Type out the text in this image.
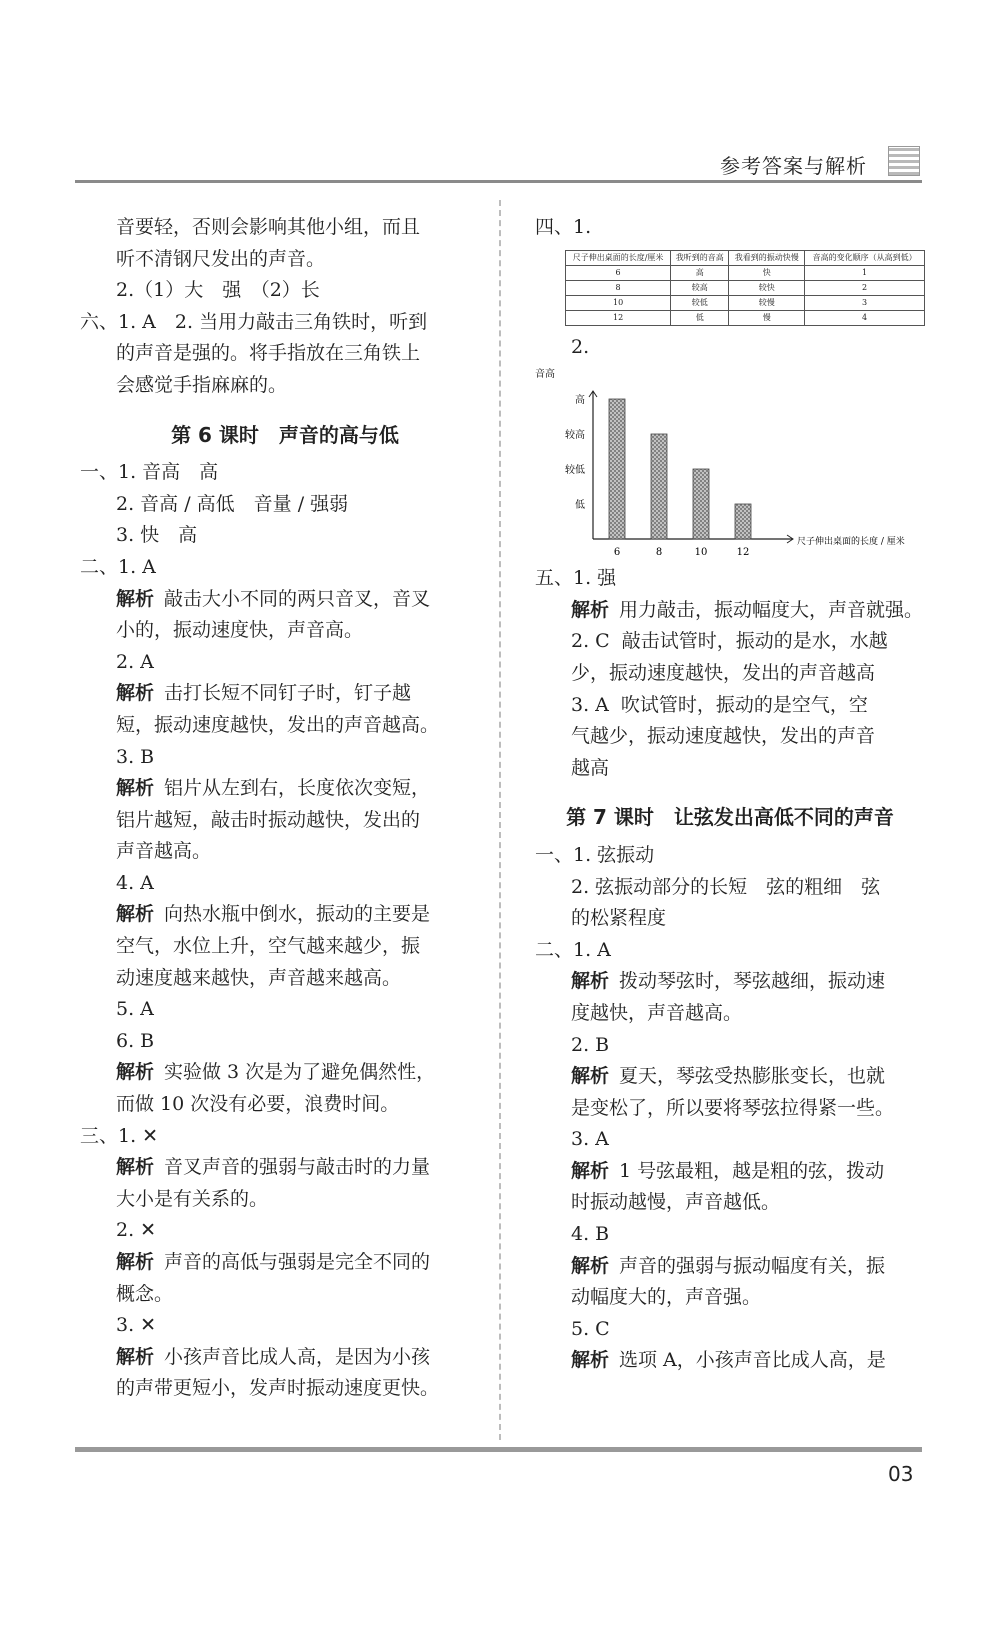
参考答案与解析
音要轻，否则会影响其他小组，而且
听不清钢尺发出的声音。
2.（1）大　强　（2）长
六、1. A　2. 当用力敲击三角铁时，听到
的声音是强的。将手指放在三角铁上
会感觉手指麻麻的。
第 6 课时　声音的高与低
一、1. 音高　高
2. 音高 / 高低　音量 / 强弱
3. 快　高
二、1. A
解析 敲击大小不同的两只音叉，音叉
小的，振动速度快，声音高。
2. A
解析 击打长短不同钉子时，钉子越
短，振动速度越快，发出的声音越高。
3. B
解析 铝片从左到右，长度依次变短，
铝片越短，敲击时振动越快，发出的
声音越高。
4. A
解析 向热水瓶中倒水，振动的主要是
空气，水位上升，空气越来越少，振
动速度越来越快，声音越来越高。
5. A
6. B
解析 实验做 3 次是为了避免偶然性，
而做 10 次没有必要，浪费时间。
三、1. ✕
解析 音叉声音的强弱与敲击时的力量
大小是有关系的。
2. ✕
解析 声音的高低与强弱是完全不同的
概念。
3. ✕
解析 小孩声音比成人高，是因为小孩
的声带更短小，发声时振动速度更快。
四、1.
尺子伸出桌面的长度/厘米	我听到的音高	我看到的振动快慢	音高的变化顺序（从高到低）
6	高	快	1
8	较高	较快	2
10	较低	较慢	3
12	低	慢	4
2.
音高
低
较低
较高
高
6	8	10	12
尺子伸出桌面的长度 / 厘米
五、1. 强
解析 用力敲击，振动幅度大，声音就强。
2. C 敲击试管时，振动的是水，水越
少，振动速度越快，发出的声音越高
3. A 吹试管时，振动的是空气，空
气越少，振动速度越快，发出的声音
越高
第 7 课时　让弦发出高低不同的声音
一、1. 弦振动
2. 弦振动部分的长短　弦的粗细　弦
的松紧程度
二、1. A
解析 拨动琴弦时，琴弦越细，振动速
度越快，声音越高。
2. B
解析 夏天，琴弦受热膨胀变长，也就
是变松了，所以要将琴弦拉得紧一些。
3. A
解析 1 号弦最粗，越是粗的弦，拨动
时振动越慢，声音越低。
4. B
解析 声音的强弱与振动幅度有关，振
动幅度大的，声音强。
5. C
解析 选项 A，小孩声音比成人高，是
03
